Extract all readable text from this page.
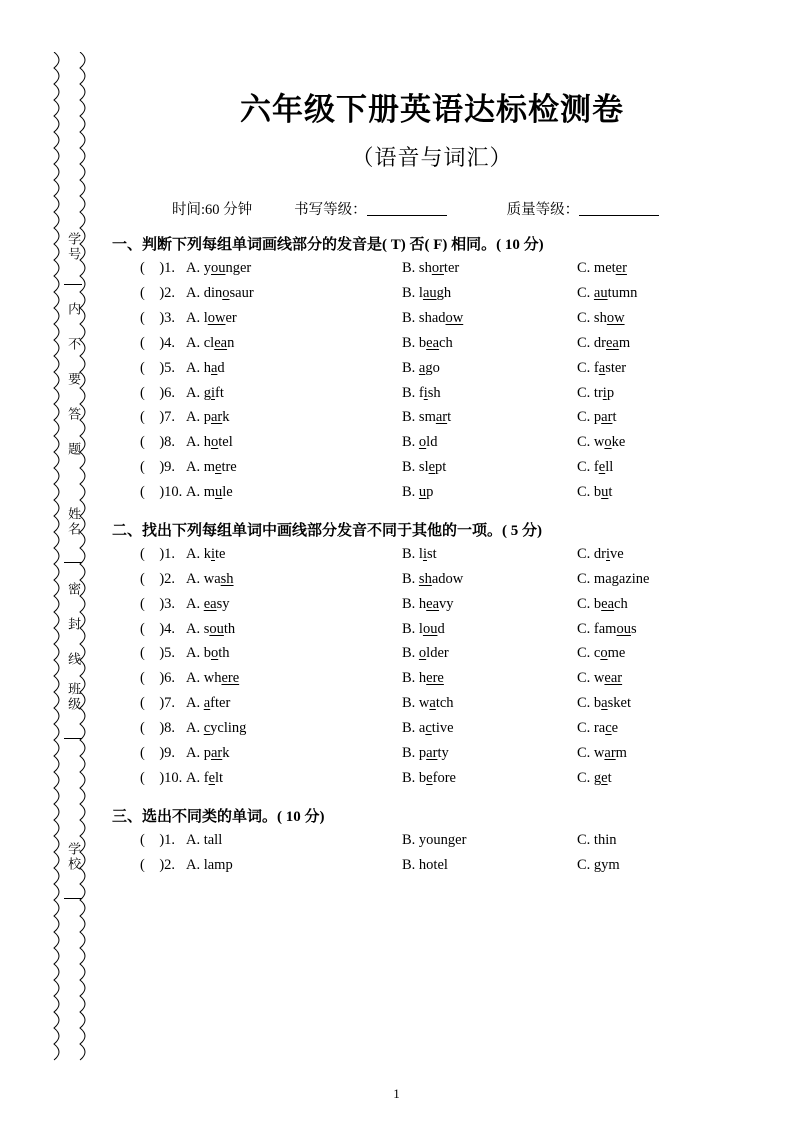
学号
内不要答题
姓名
密封线
班级
学校
六年级下册英语达标检测卷
（语音与词汇）
时间:60 分钟	书写等级：	质量等级：
一、判断下列每组单词画线部分的发音是( T) 否( F) 相同。( 10 分)
( )1. A. younger	B. shorter	C. meter
( )2. A. dinosaur	B. laugh	C. autumn
( )3. A. lower	B. shadow	C. show
( )4. A. clean	B. beach	C. dream
( )5. A. had	B. ago	C. faster
( )6. A. gift	B. fish	C. trip
( )7. A. park	B. smart	C. part
( )8. A. hotel	B. old	C. woke
( )9. A. metre	B. slept	C. fell
( )10. A. mule	B. up	C. but
二、找出下列每组单词中画线部分发音不同于其他的一项。( 5 分)
( )1. A. kite	B. list	C. drive
( )2. A. wash	B. shadow	C. magazine
( )3. A. easy	B. heavy	C. beach
( )4. A. south	B. loud	C. famous
( )5. A. both	B. older	C. come
( )6. A. where	B. here	C. wear
( )7. A. after	B. watch	C. basket
( )8. A. cycling	B. active	C. race
( )9. A. park	B. party	C. warm
( )10. A. felt	B. before	C. get
三、选出不同类的单词。( 10 分)
( )1. A. tall	B. younger	C. thin
( )2. A. lamp	B. hotel	C. gym
1
